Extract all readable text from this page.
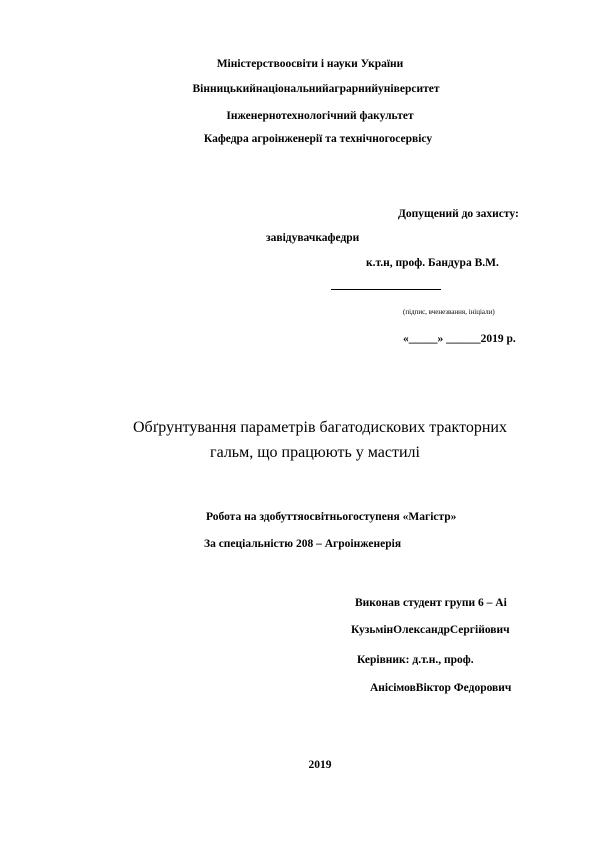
Міністерствоосвіти і науки України
Вінницькийнаціональнийаграрнийуніверситет
Інженернотехнологічний факультет
Кафедра агроінженерії та технічногосервісу
Допущений до захисту:
завідувачкафедри
к.т.н, проф. Бандура В.М.
(підпис, вченезвання, ініціали)
«_____» ______2019 р.
Обґрунтування параметрів багатодискових тракторних
гальм, що працюють у мастилі
Робота на здобуттяосвітньогоступеня «Магістр»
За спеціальністю 208 – Агроінженерія
Виконав студент групи 6 – Аі
КузьмінОлександрСергійович
Керівник: д.т.н., проф.
АнісімовВіктор Федорович
2019
